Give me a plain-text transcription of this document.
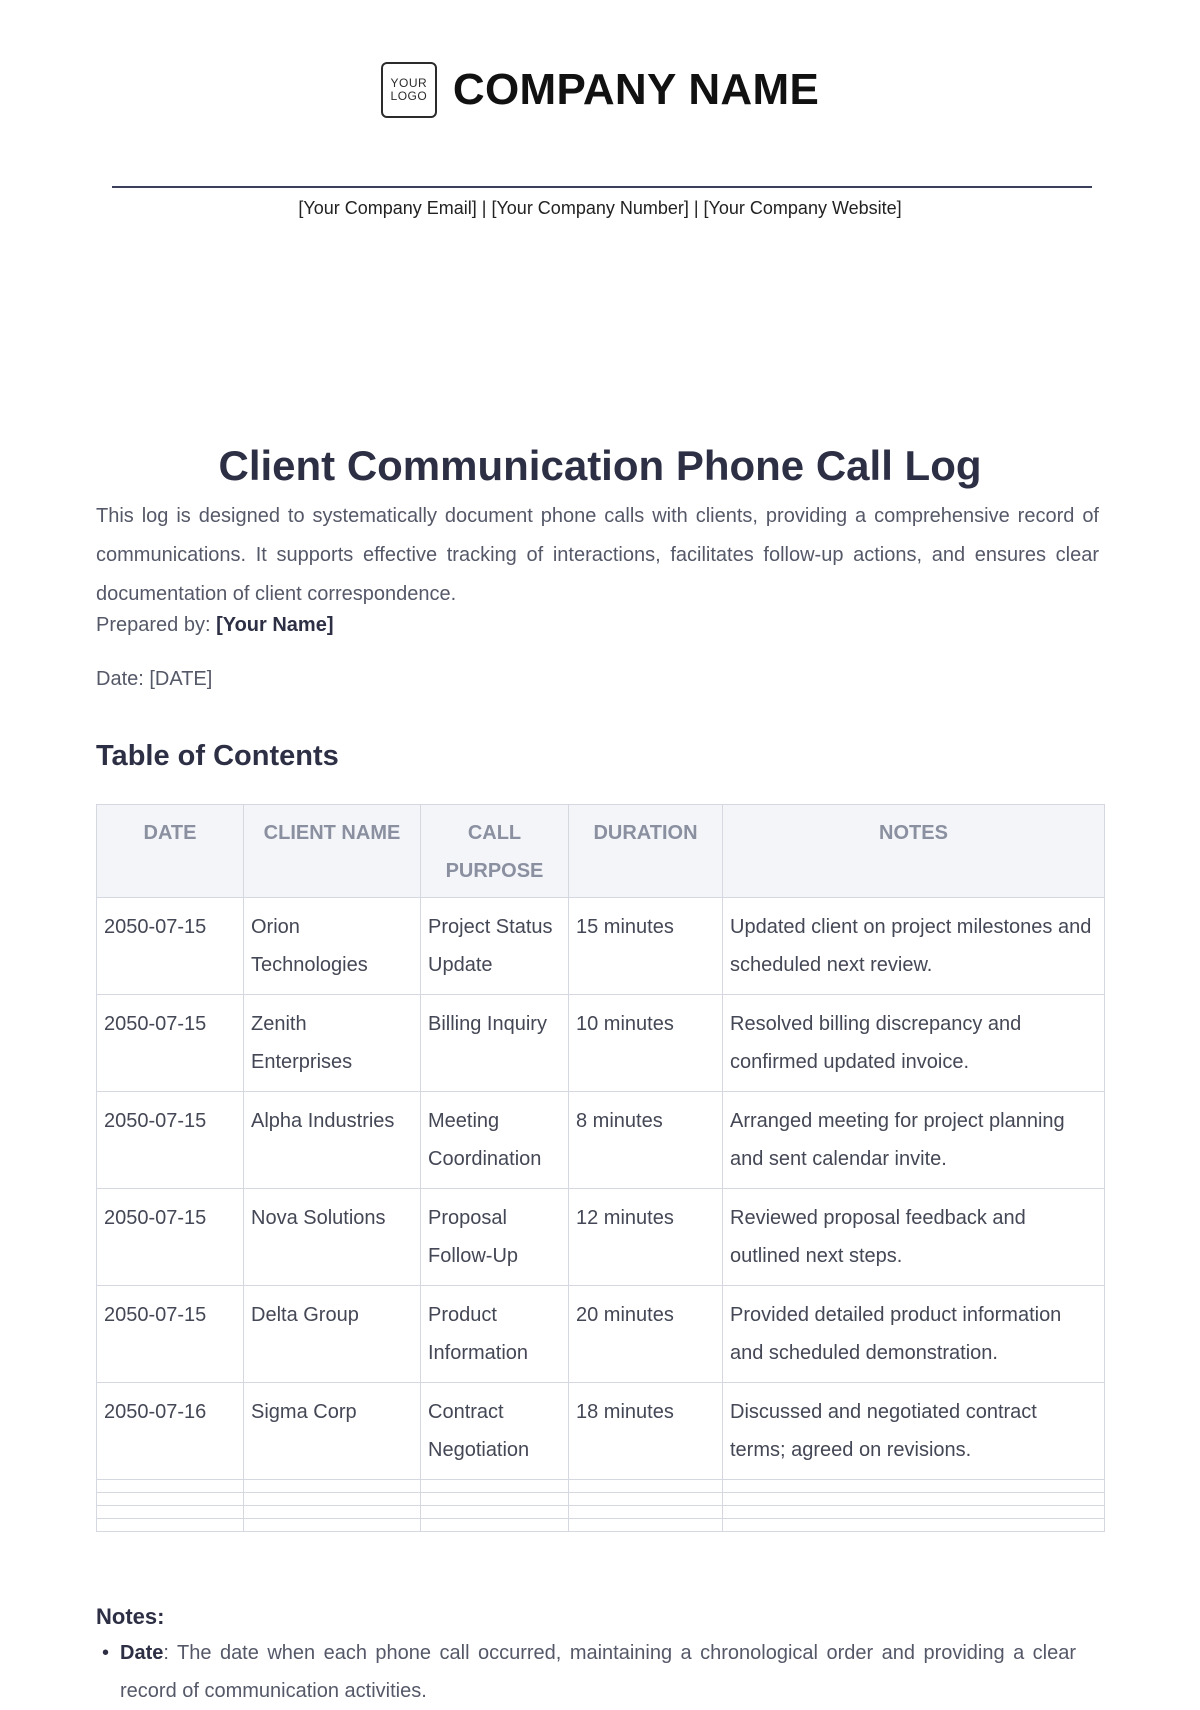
YOUR
LOGO COMPANY NAME
[Your Company Email] | [Your Company Number] | [Your Company Website]
Client Communication Phone Call Log

This log is designed to systematically document phone calls with clients, providing a comprehensive record of communications. It supports effective tracking of interactions, facilitates follow-up actions, and ensures clear documentation of client correspondence.

Prepared by: [Your Name]
Date: [DATE]
Table of Contents
DATE	CLIENT NAME	CALL PURPOSE	DURATION	NOTES
2050-07-15	Orion Technologies	Project Status Update	15 minutes	Updated client on project milestones and scheduled next review.
2050-07-15	Zenith Enterprises	Billing Inquiry	10 minutes	Resolved billing discrepancy and confirmed updated invoice.
2050-07-15	Alpha Industries	Meeting Coordination	8 minutes	Arranged meeting for project planning and sent calendar invite.
2050-07-15	Nova Solutions	Proposal Follow-Up	12 minutes	Reviewed proposal feedback and outlined next steps.
2050-07-15	Delta Group	Product Information	20 minutes	Provided detailed product information and scheduled demonstration.
2050-07-16	Sigma Corp	Contract Negotiation	18 minutes	Discussed and negotiated contract terms; agreed on revisions.

Notes:
• Date: The date when each phone call occurred, maintaining a chronological order and providing a clear record of communication activities.
